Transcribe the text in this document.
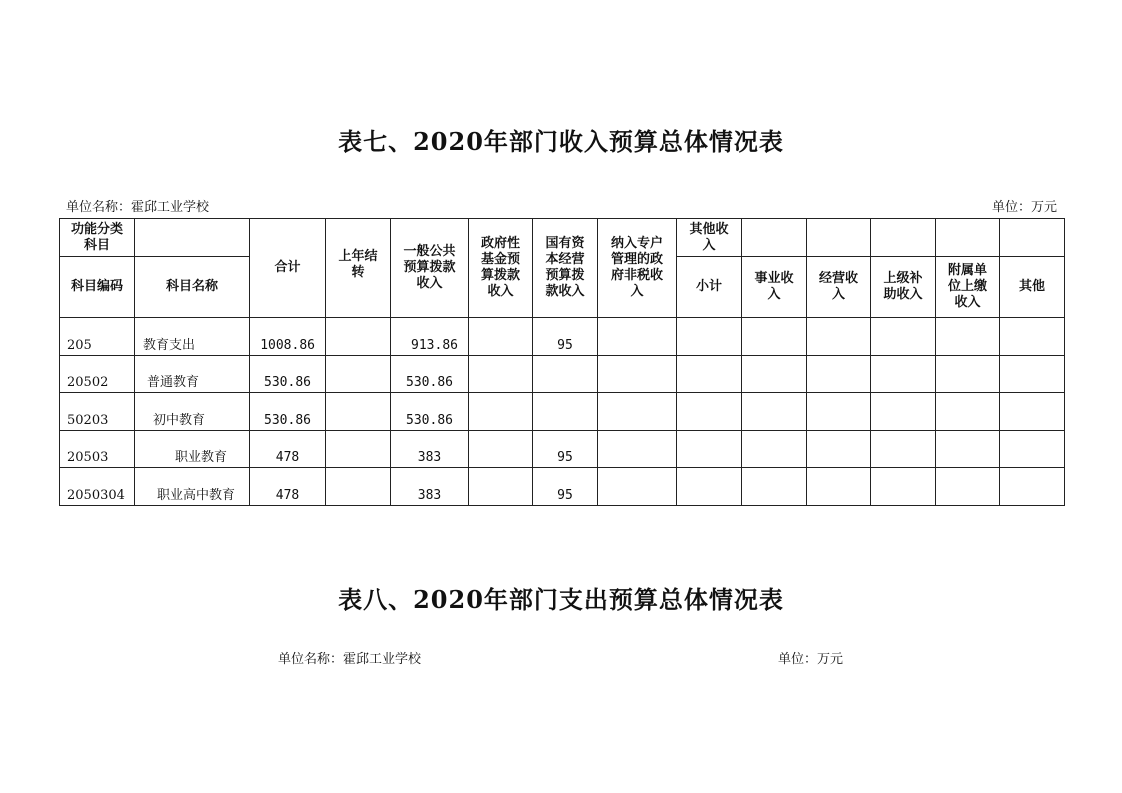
表七、2020年部门收入预算总体情况表
单位名称：霍邱工业学校	单位：万元
功能分类科目		合计	上年结转	一般公共预算拨款收入	政府性基金预算拨款收入	国有资本经营预算拨款收入	纳入专户管理的政府非税收入	其他收入					
科目编码	科目名称							小计	事业收入	经营收入	上级补助收入	附属单位上缴收入	其他
205	教育支出	1008.86		913.86		95							
20502	普通教育	530.86		530.86									
50203	初中教育	530.86		530.86									
20503	职业教育	478		383		95							
2050304	职业高中教育	478		383		95							
表八、2020年部门支出预算总体情况表
单位名称：霍邱工业学校	单位：万元
